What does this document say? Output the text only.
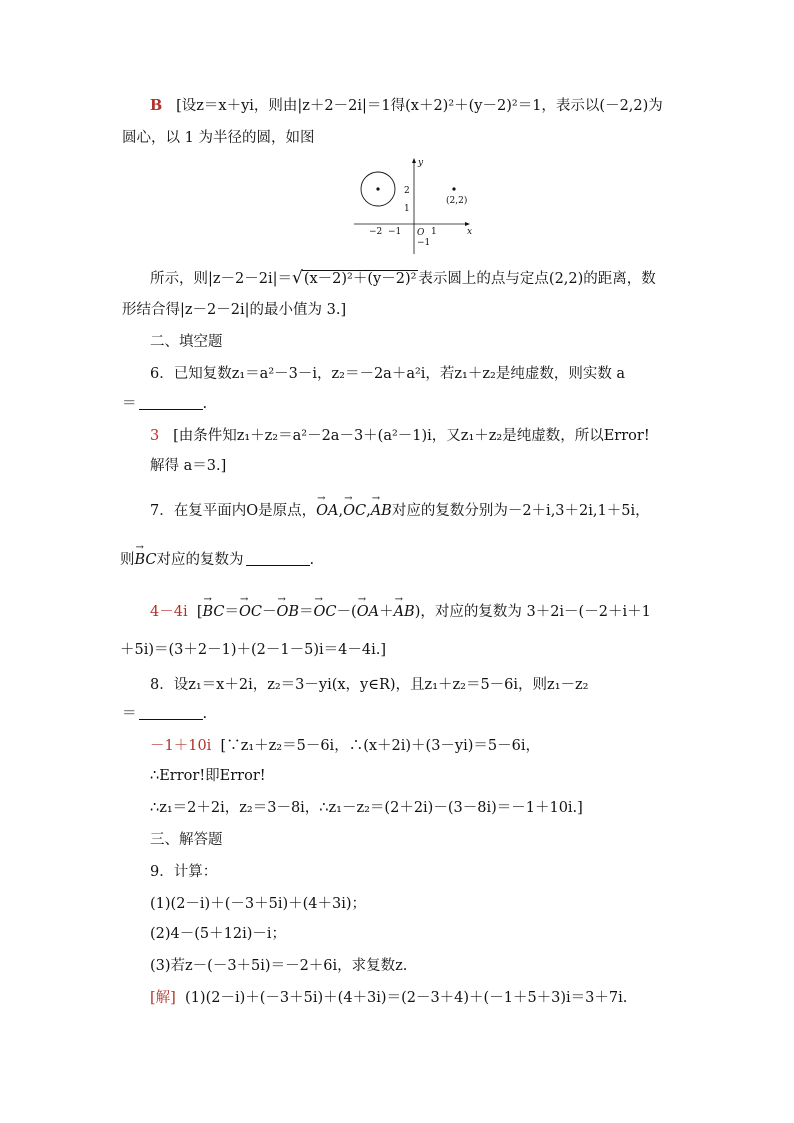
B [设z＝x＋yi，则由|z＋2－2i|＝1得(x＋2)²＋(y－2)²＝1，表示以(－2,2)为
圆心，以 1 为半径的圆，如图
x
y
O
−2 −1	1
2
1
−1
(2,2)
所示，则|z－2－2i|＝√(x－2)²＋(y－2)² 表示圆上的点与定点(2,2)的距离，数
形结合得|z－2－2i|的最小值为 3.]
二、填空题
6．已知复数z₁＝a²－3－i，z₂＝－2a＋a²i，若z₁＋z₂是纯虚数，则实数 a
＝	.
3 [由条件知z₁＋z₂＝a²－2a－3＋(a²－1)i，又z₁＋z₂是纯虚数，所以Error!
解得 a＝3.]
7．在复平面内O是原点，→ OA,→ OC,→ AB对应的复数分别为－2＋i,3＋2i,1＋5i，
则→ BC对应的复数为	.
4－4i [→ BC＝→ OC－→ OB＝→ OC－(→ OA＋→ AB)，对应的复数为 3＋2i－(－2＋i＋1
＋5i)＝(3＋2－1)＋(2－1－5)i＝4－4i.]
8．设z₁＝x＋2i，z₂＝3－yi(x，y∈R)，且z₁＋z₂＝5－6i，则z₁－z₂
＝	.
－1＋10i [∵z₁＋z₂＝5－6i，∴(x＋2i)＋(3－yi)＝5－6i，
∴Error!即Error!
∴z₁＝2＋2i，z₂＝3－8i，∴z₁－z₂＝(2＋2i)－(3－8i)＝－1＋10i.]
三、解答题
9．计算：
(1)(2－i)＋(－3＋5i)＋(4＋3i)；
(2)4－(5＋12i)－i；
(3)若z－(－3＋5i)＝－2＋6i，求复数z.
[解] (1)(2－i)＋(－3＋5i)＋(4＋3i)＝(2－3＋4)＋(－1＋5＋3)i＝3＋7i.
